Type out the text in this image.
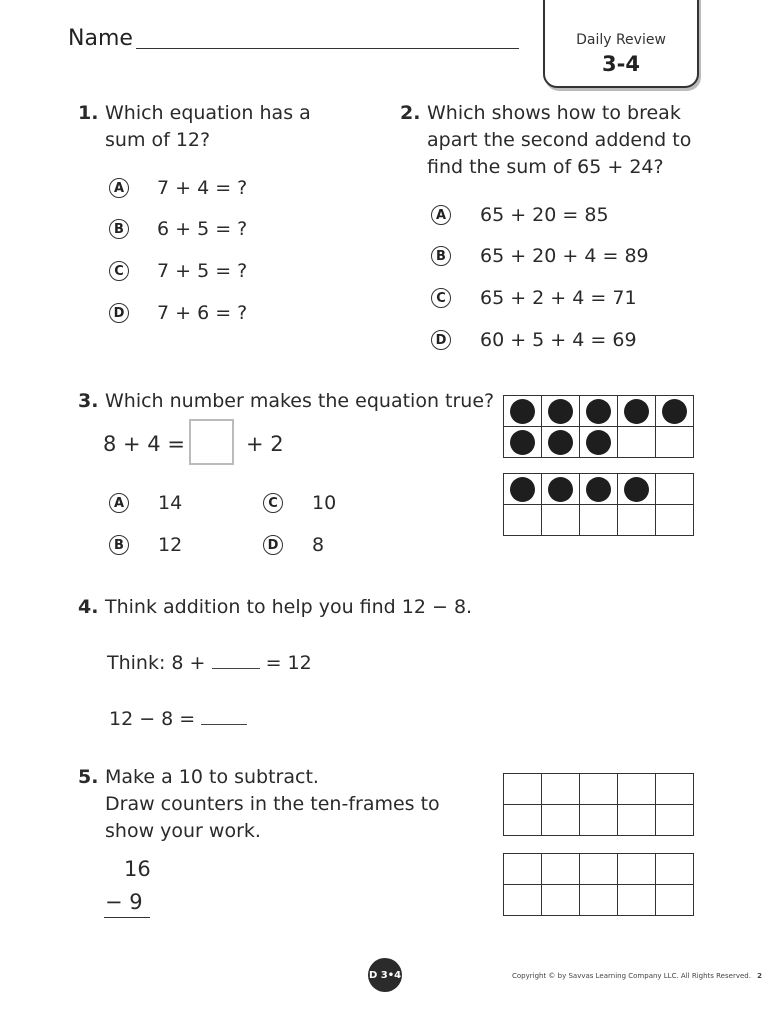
Name	Daily Review
3-4
1. Which equation has a
sum of 12?
A 7 + 4 = ?
B 6 + 5 = ?
C 7 + 5 = ?
D 7 + 6 = ?
2. Which shows how to break
apart the second addend to
find the sum of 65 + 24?
A 65 + 20 = 85
B 65 + 20 + 4 = 89
C 65 + 2 + 4 = 71
D 60 + 5 + 4 = 69
3. Which number makes the equation true?
8 + 4 =	+ 2
A 14
B 12
C 10
D 8

4. Think addition to help you find 12 − 8.
Think: 8 +	= 12
12 − 8 =
5. Make a 10 to subtract.
Draw counters in the ten-frames to
show your work.
16
− 9

D 3•4	Copyright © by Savvas Learning Company LLC. All Rights Reserved. 2
